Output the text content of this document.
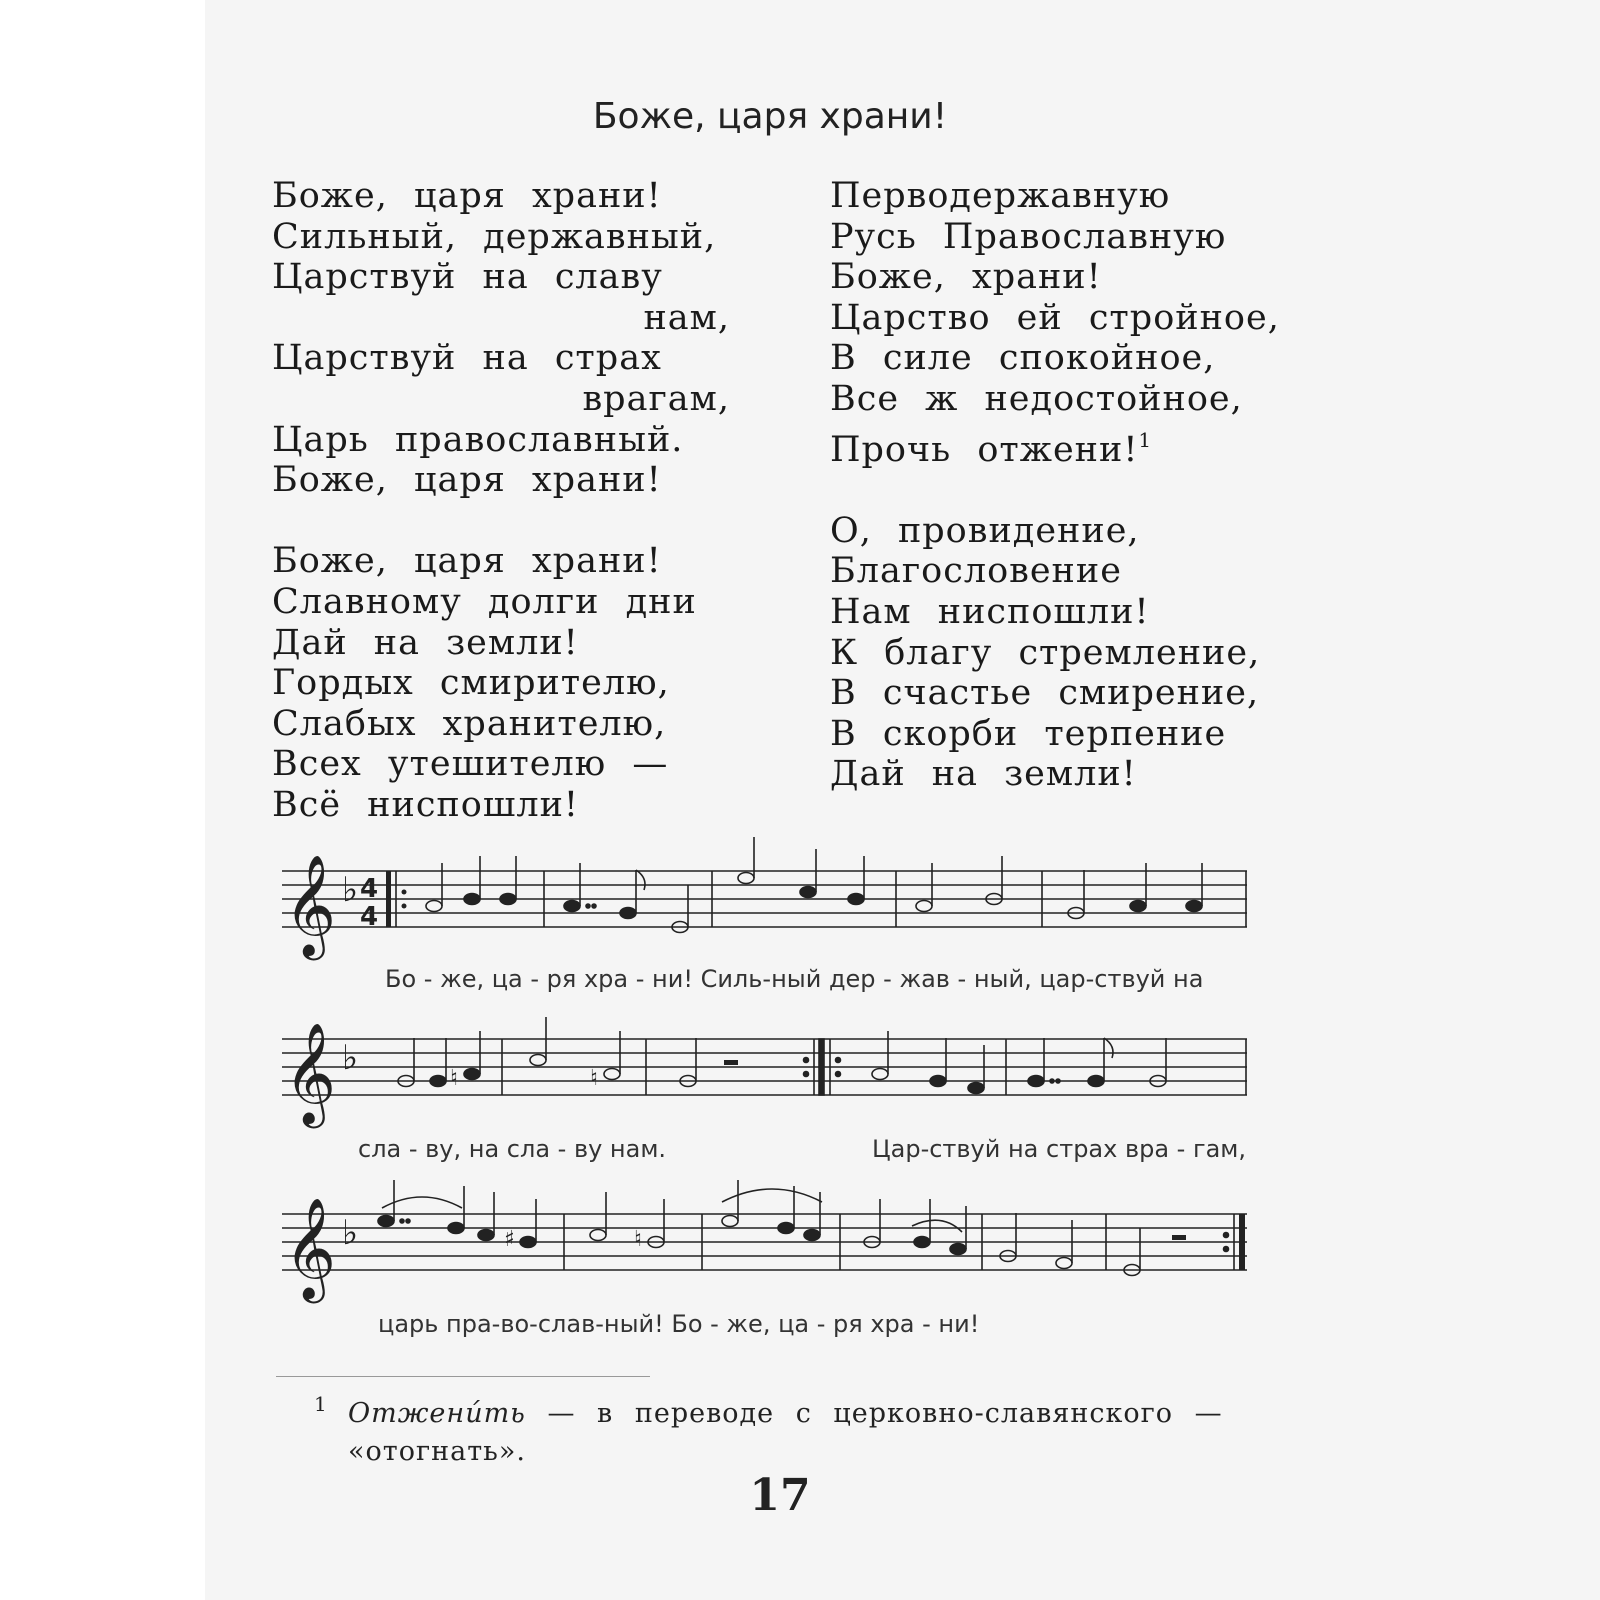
Боже, царя храни!
Боже, царя храни!
Сильный, державный,
Царствуй на славу
нам,
Царствуй на страх
врагам,
Царь православный.
Боже, царя храни!
Боже, царя храни!
Славному долги дни
Дай на земли!
Гордых смирителю,
Слабых хранителю,
Всех утешителю —
Всё ниспошли!
Перводержавную
Русь Православную
Боже, храни!
Царство ей стройное,
В силе спокойное,
Все ж недостойное,
Прочь отжени!$^1$
О, провидение,
Благословение
Нам ниспошли!
К благу стремление,
В счастье смирение,
В скорби терпение
Дай на земли!
𝄞 ♭ 4
4
Бо - же, ца - ря хра - ни! Силь-ный дер - жав - ный, цар-ствуй на
𝄞 ♭
♮	♮
сла - ву, на сла - ву нам.	Цар-ствуй на страх вра - гам,
𝄞 ♭	♯	♮
царь пра-во-слав-ный! Бо - же, ца - ря хра - ни!
1 Отжени́ть — в переводе с церковно-славянского — «отогнать».
17
